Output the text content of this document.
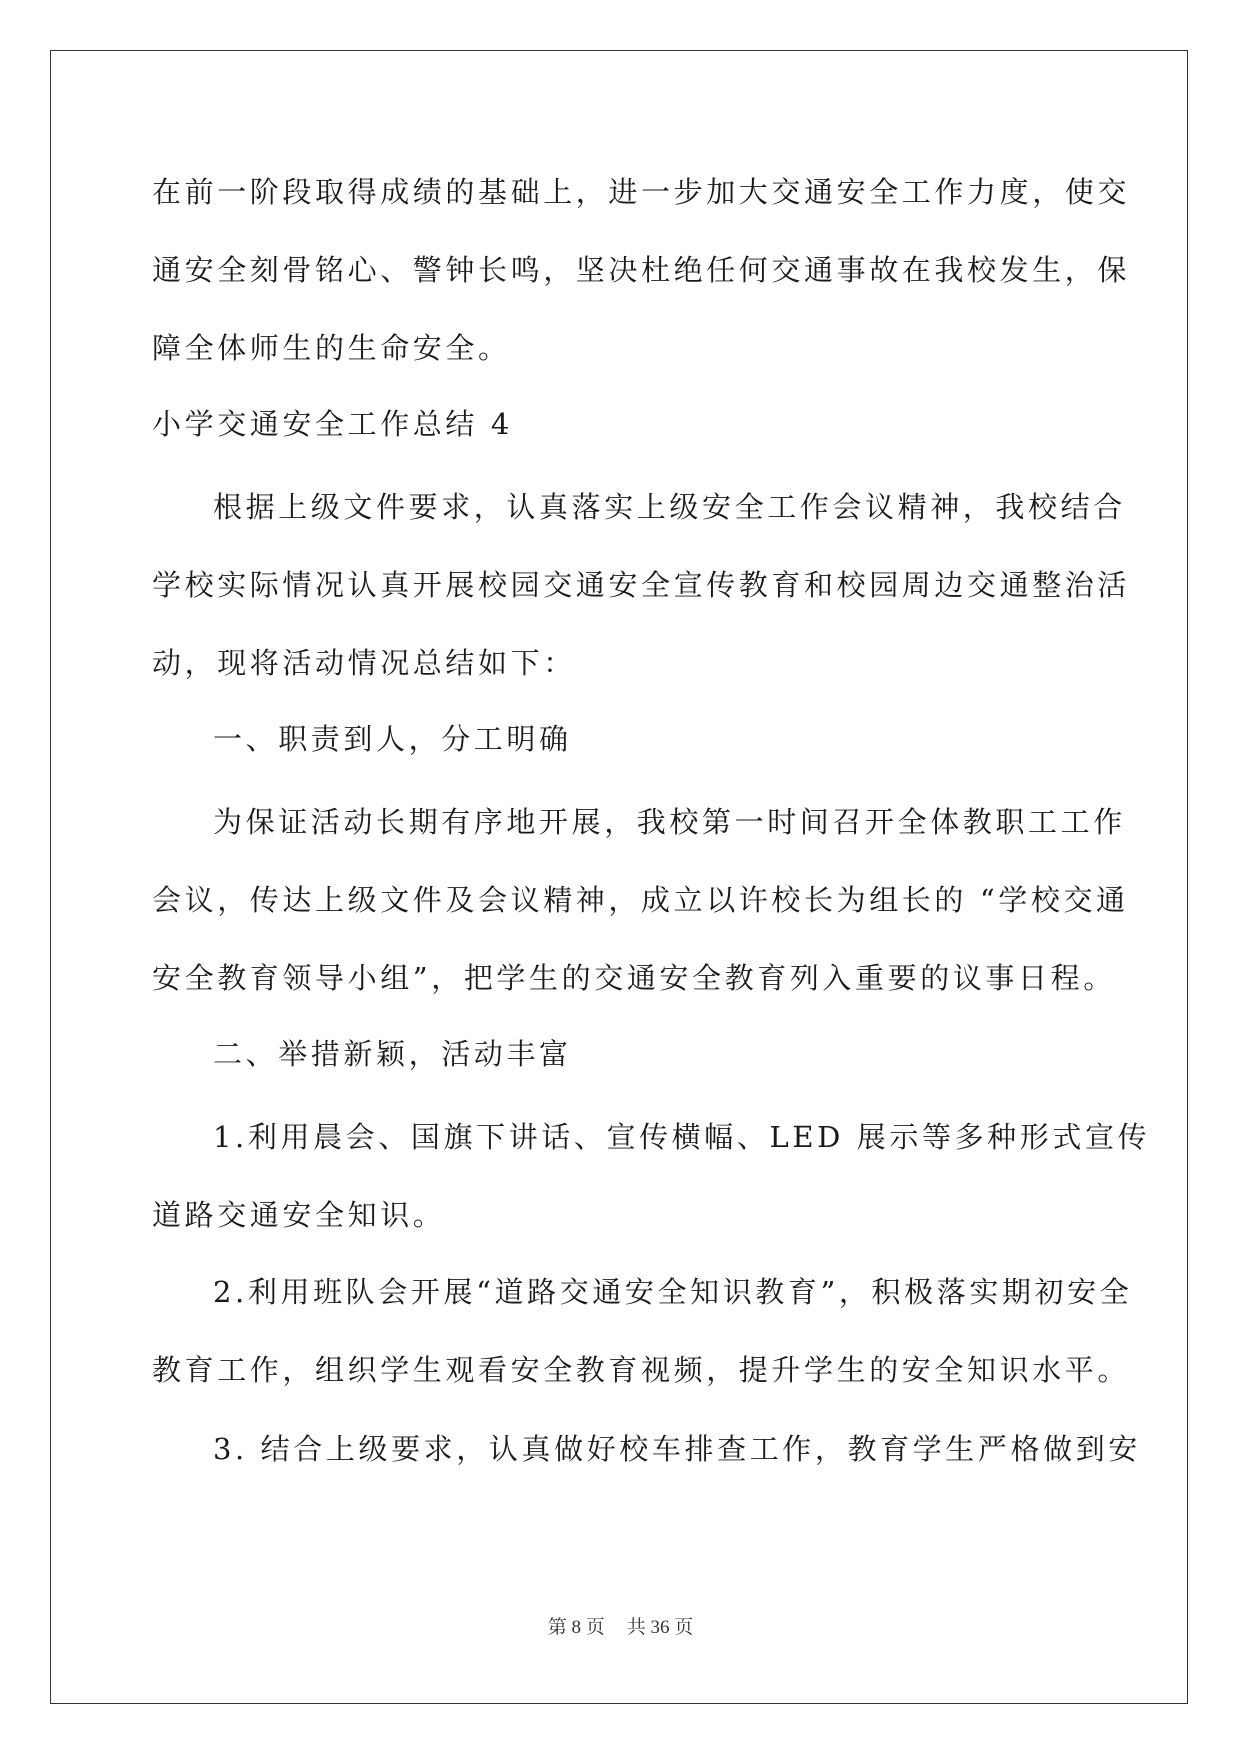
在前一阶段取得成绩的基础上，进一步加大交通安全工作力度，使交
通安全刻骨铭心、警钟长鸣，坚决杜绝任何交通事故在我校发生，保
障全体师生的生命安全。
小学交通安全工作总结 4
根据上级文件要求，认真落实上级安全工作会议精神，我校结合
学校实际情况认真开展校园交通安全宣传教育和校园周边交通整治活
动，现将活动情况总结如下：
一、职责到人，分工明确
为保证活动长期有序地开展，我校第一时间召开全体教职工工作
会议，传达上级文件及会议精神，成立以许校长为组长的 “学校交通
安全教育领导小组”，把学生的交通安全教育列入重要的议事日程。
二、举措新颖，活动丰富
1.利用晨会、国旗下讲话、宣传横幅、LED 展示等多种形式宣传
道路交通安全知识。
2.利用班队会开展“道路交通安全知识教育”，积极落实期初安全
教育工作，组织学生观看安全教育视频，提升学生的安全知识水平。
3. 结合上级要求，认真做好校车排查工作，教育学生严格做到安
第 8 页 共 36 页
